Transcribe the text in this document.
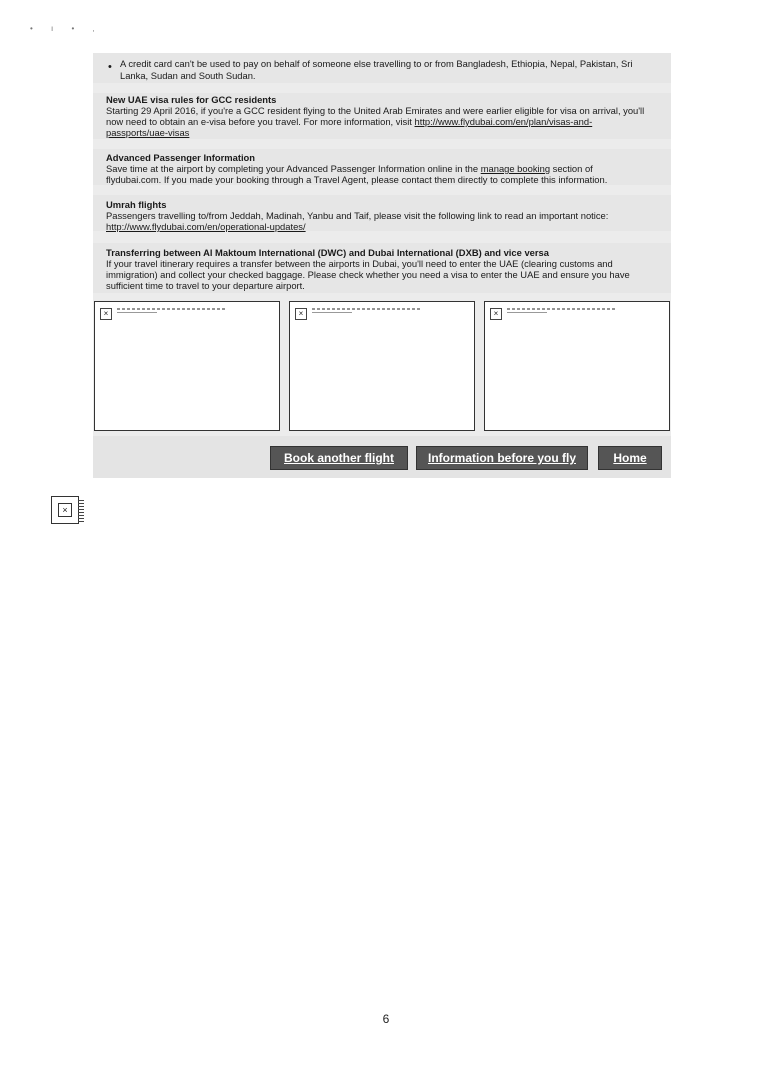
• ı • ‚
• A credit card can't be used to pay on behalf of someone else travelling to or from Bangladesh, Ethiopia, Nepal, Pakistan, Sri
Lanka, Sudan and South Sudan.
New UAE visa rules for GCC residents
Starting 29 April 2016, if you're a GCC resident flying to the United Arab Emirates and were earlier eligible for visa on arrival, you'll
now need to obtain an e-visa before you travel. For more information, visit http://www.flydubai.com/en/plan/visas-and-
passports/uae-visas
Advanced Passenger Information
Save time at the airport by completing your Advanced Passenger Information online in the manage booking section of
flydubai.com. If you made your booking through a Travel Agent, please contact them directly to complete this information.
Umrah flights
Passengers travelling to/from Jeddah, Madinah, Yanbu and Taif, please visit the following link to read an important notice:
http://www.flydubai.com/en/operational-updates/
Transferring between Al Maktoum International (DWC) and Dubai International (DXB) and vice versa
If your travel itinerary requires a transfer between the airports in Dubai, you'll need to enter the UAE (clearing customs and
immigration) and collect your checked baggage. Please check whether you need a visa to enter the UAE and ensure you have
sufficient time to travel to your departure airport.
×	×	×
Book another flight	Information before you fly	Home
×
6
